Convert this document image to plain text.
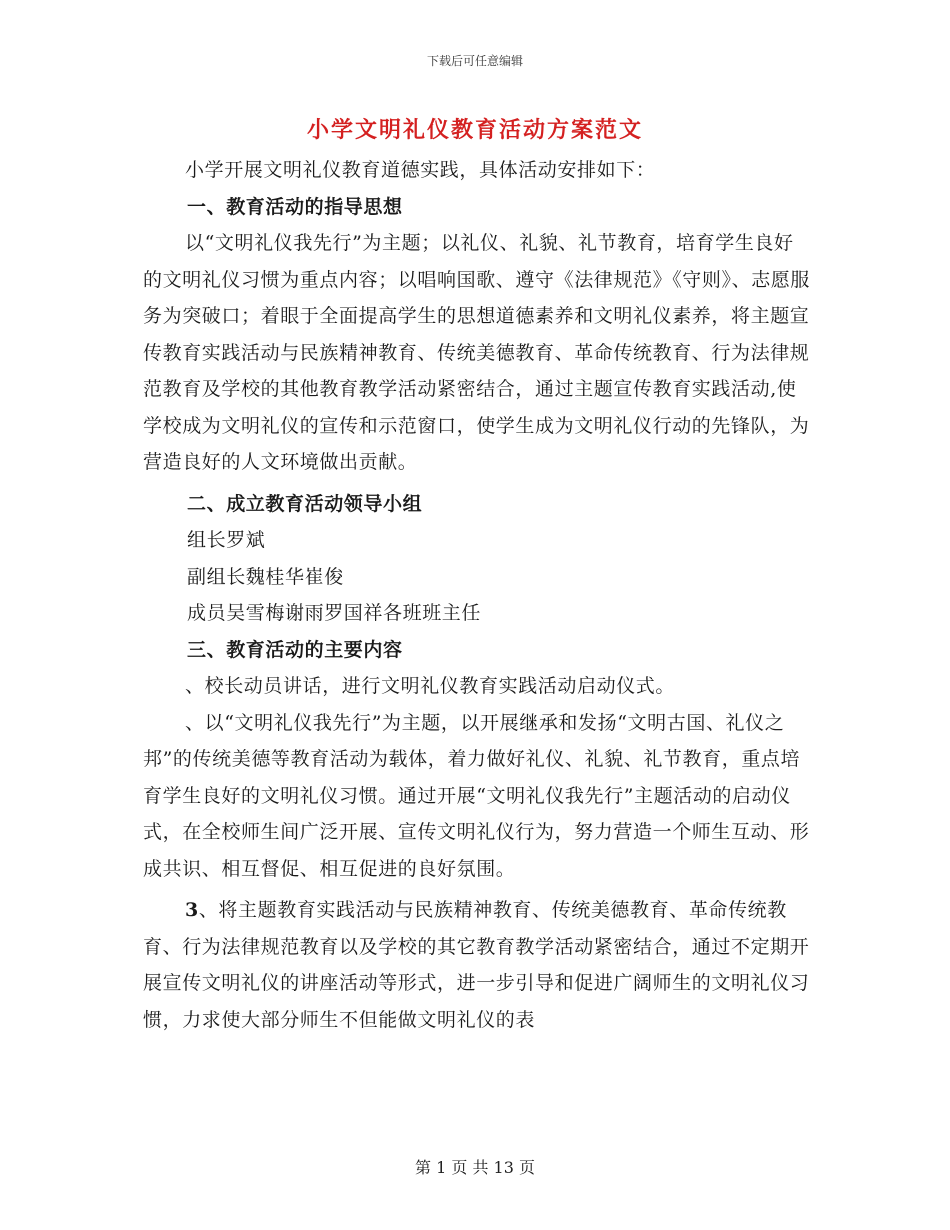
下载后可任意编辑
小学文明礼仪教育活动方案范文

小学开展文明礼仪教育道德实践，具体活动安排如下：

一、教育活动的指导思想

以“文明礼仪我先行”为主题；以礼仪、礼貌、礼节教育，培育学生良好的文明礼仪习惯为重点内容；以唱响国歌、遵守《法律规范》《守则》、志愿服务为突破口；着眼于全面提高学生的思想道德素养和文明礼仪素养，将主题宣传教育实践活动与民族精神教育、传统美德教育、革命传统教育、行为法律规范教育及学校的其他教育教学活动紧密结合，通过主题宣传教育实践活动,使学校成为文明礼仪的宣传和示范窗口，使学生成为文明礼仪行动的先锋队，为营造良好的人文环境做出贡献。

二、成立教育活动领导小组

组长罗斌

副组长魏桂华崔俊

成员吴雪梅谢雨罗国祥各班班主任

三、教育活动的主要内容

、校长动员讲话，进行文明礼仪教育实践活动启动仪式。

、以“文明礼仪我先行”为主题，以开展继承和发扬“文明古国、礼仪之邦”的传统美德等教育活动为载体，着力做好礼仪、礼貌、礼节教育，重点培育学生良好的文明礼仪习惯。通过开展“文明礼仪我先行”主题活动的启动仪式，在全校师生间广泛开展、宣传文明礼仪行为，努力营造一个师生互动、形成共识、相互督促、相互促进的良好氛围。

3、将主题教育实践活动与民族精神教育、传统美德教育、革命传统教育、行为法律规范教育以及学校的其它教育教学活动紧密结合，通过不定期开展宣传文明礼仪的讲座活动等形式，进一步引导和促进广阔师生的文明礼仪习惯，力求使大部分师生不但能做文明礼仪的表

第 1 页 共 13 页
